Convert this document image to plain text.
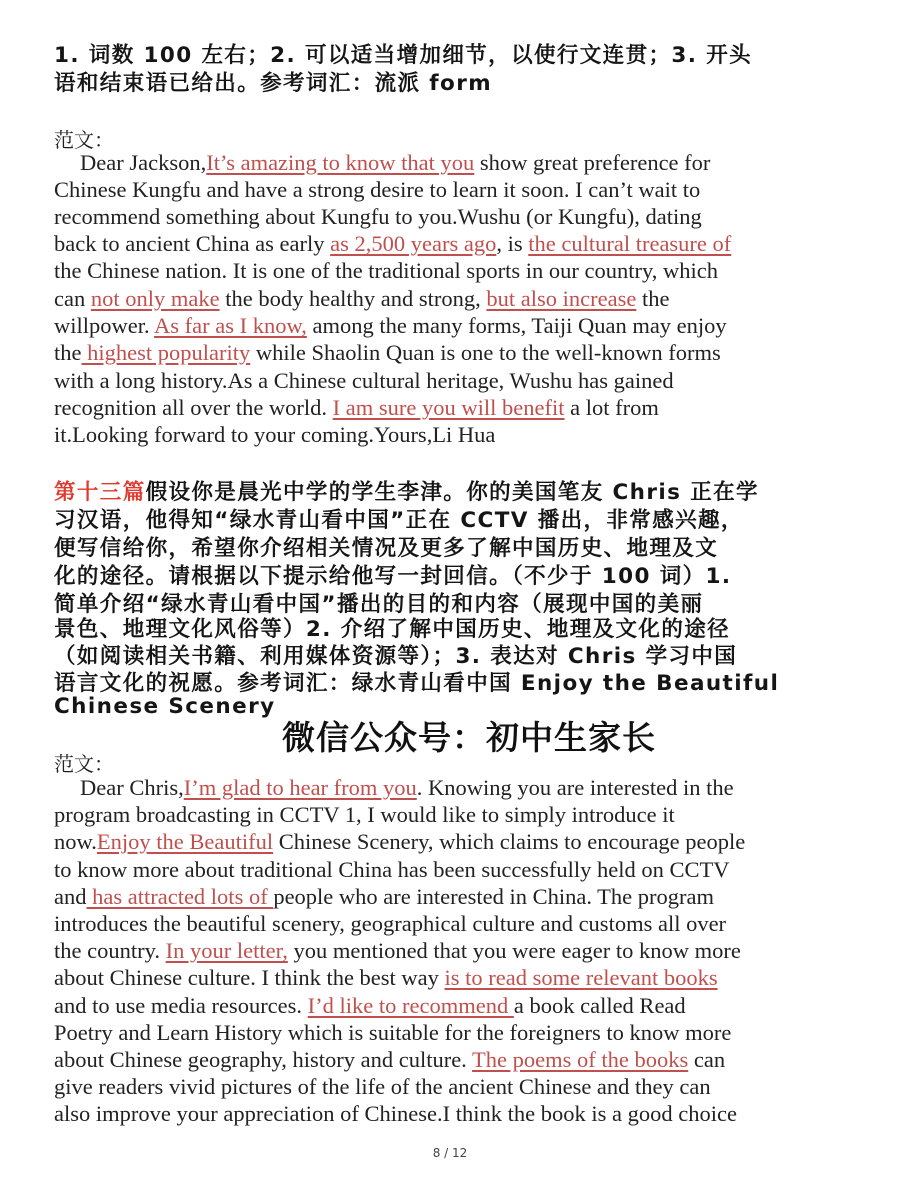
1. 词数 100 左右；2. 可以适当增加细节，以使行文连贯；3. 开头
语和结束语已给出。参考词汇：流派 form
范文：
Dear Jackson,It’s amazing to know that you show great preference for
Chinese Kungfu and have a strong desire to learn it soon. I can’t wait to
recommend something about Kungfu to you.Wushu (or Kungfu), dating
back to ancient China as early as 2,500 years ago, is the cultural treasure of
the Chinese nation. It is one of the traditional sports in our country, which
can not only make the body healthy and strong, but also increase the
willpower. As far as I know, among the many forms, Taiji Quan may enjoy
the highest popularity while Shaolin Quan is one to the well-known forms
with a long history.As a Chinese cultural heritage, Wushu has gained
recognition all over the world. I am sure you will benefit a lot from
it.Looking forward to your coming.Yours,Li Hua
第十三篇假设你是晨光中学的学生李津。你的美国笔友 Chris 正在学
习汉语，他得知“绿水青山看中国”正在 CCTV 播出，非常感兴趣，
便写信给你，希望你介绍相关情况及更多了解中国历史、地理及文
化的途径。请根据以下提示给他写一封回信。（不少于 100 词）1.
简单介绍“绿水青山看中国”播出的目的和内容（展现中国的美丽
景色、地理文化风俗等）2. 介绍了解中国历史、地理及文化的途径
（如阅读相关书籍、利用媒体资源等）；3. 表达对 Chris 学习中国
语言文化的祝愿。参考词汇：绿水青山看中国 Enjoy the Beautiful
Chinese Scenery
微信公众号：初中生家长
范文：
Dear Chris,I’m glad to hear from you. Knowing you are interested in the
program broadcasting in CCTV 1, I would like to simply introduce it
now.Enjoy the Beautiful Chinese Scenery, which claims to encourage people
to know more about traditional China has been successfully held on CCTV
and has attracted lots of people who are interested in China. The program
introduces the beautiful scenery, geographical culture and customs all over
the country. In your letter, you mentioned that you were eager to know more
about Chinese culture. I think the best way is to read some relevant books
and to use media resources. I’d like to recommend a book called Read
Poetry and Learn History which is suitable for the foreigners to know more
about Chinese geography, history and culture. The poems of the books can
give readers vivid pictures of the life of the ancient Chinese and they can
also improve your appreciation of Chinese.I think the book is a good choice
8 / 12
